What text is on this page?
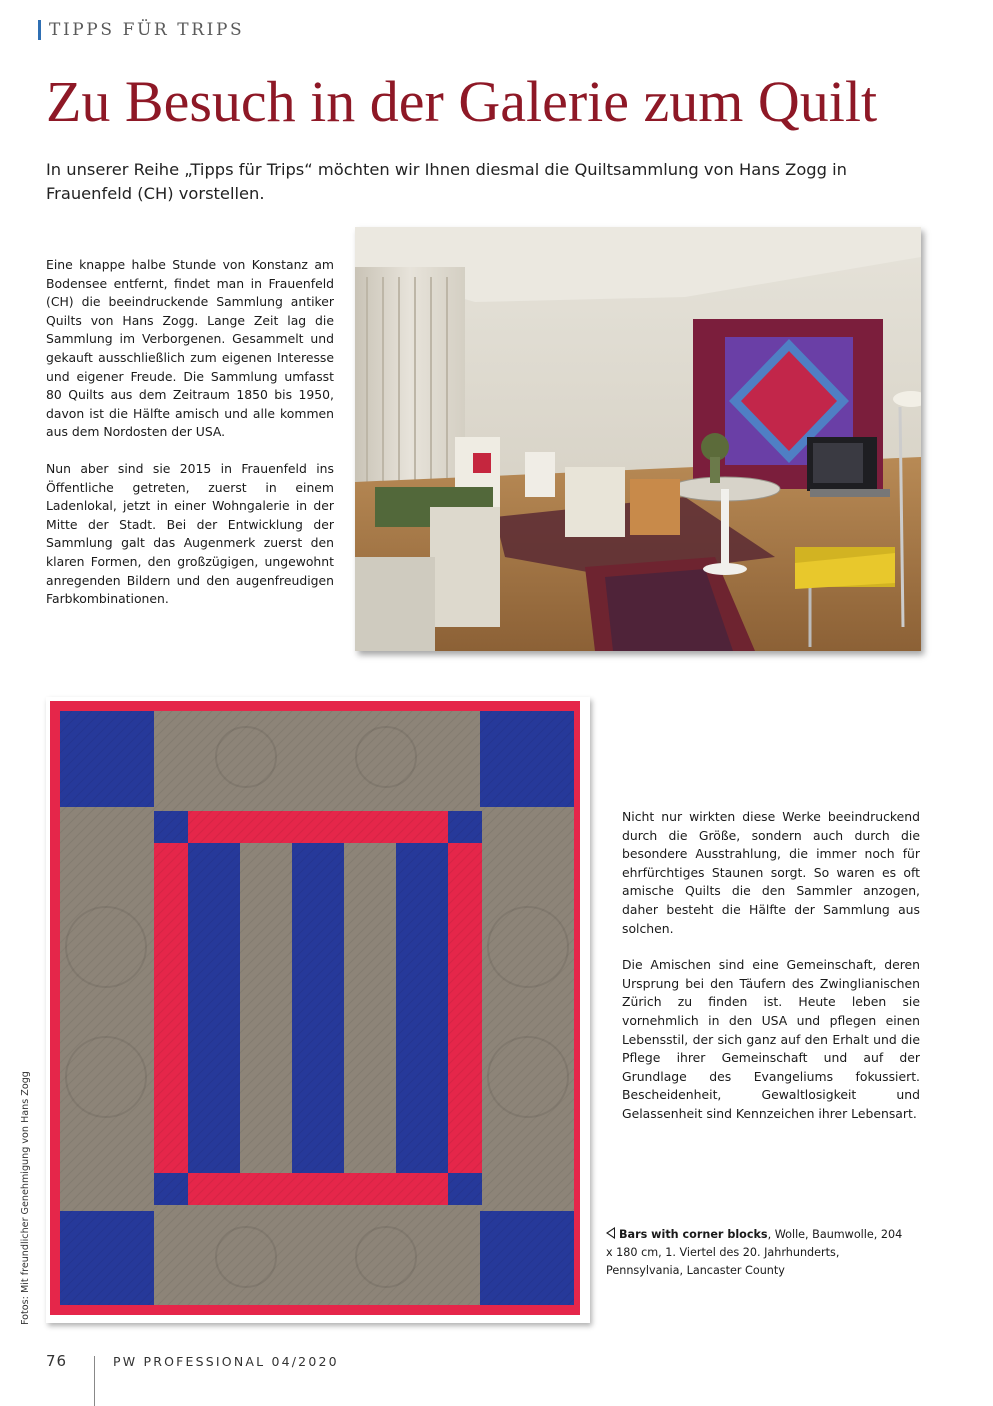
TIPPS FÜR TRIPS
Zu Besuch in der Galerie zum Quilt
In unserer Reihe „Tipps für Trips“ möchten wir Ihnen diesmal die Quiltsammlung von Hans Zogg in Frauenfeld (CH) vorstellen.

Eine knappe halbe Stunde von Konstanz am Bodensee entfernt, findet man in Frauenfeld (CH) die beeindruckende Sammlung antiker Quilts von Hans Zogg. Lange Zeit lag die Sammlung im Verborgenen. Gesammelt und gekauft ausschließlich zum eigenen Interesse und eigener Freude. Die Sammlung umfasst 80 Quilts aus dem Zeitraum 1850 bis 1950, davon ist die Hälfte amisch und alle kommen aus dem Nordosten der USA.

Nun aber sind sie 2015 in Frauenfeld ins Öffentliche getreten, zuerst in einem Ladenlokal, jetzt in einer Wohngalerie in der Mitte der Stadt. Bei der Entwicklung der Sammlung galt das Augenmerk zuerst den klaren Formen, den großzügigen, ungewohnt anregenden Bildern und den augenfreudigen Farbkombinationen.

Nicht nur wirkten diese Werke beeindruckend durch die Größe, sondern auch durch die besondere Ausstrahlung, die immer noch für ehrfürchtiges Staunen sorgt. So waren es oft amische Quilts die den Sammler anzogen, daher besteht die Hälfte der Sammlung aus solchen.

Die Amischen sind eine Gemeinschaft, deren Ursprung bei den Täufern des Zwinglianischen Zürich zu finden ist. Heute leben sie vornehmlich in den USA und pflegen einen Lebensstil, der sich ganz auf den Erhalt und die Pflege ihrer Gemeinschaft und auf der Grundlage des Evangeliums fokussiert. Bescheidenheit, Gewaltlosigkeit und Gelassenheit sind Kennzeichen ihrer Lebensart.

Bars with corner blocks, Wolle, Baumwolle, 204 x 180 cm, 1. Viertel des 20. Jahrhunderts, Pennsylvania, Lancaster County
Fotos: Mit freundlicher Genehmigung von Hans Zogg
76	PW PROFESSIONAL 04/2020
